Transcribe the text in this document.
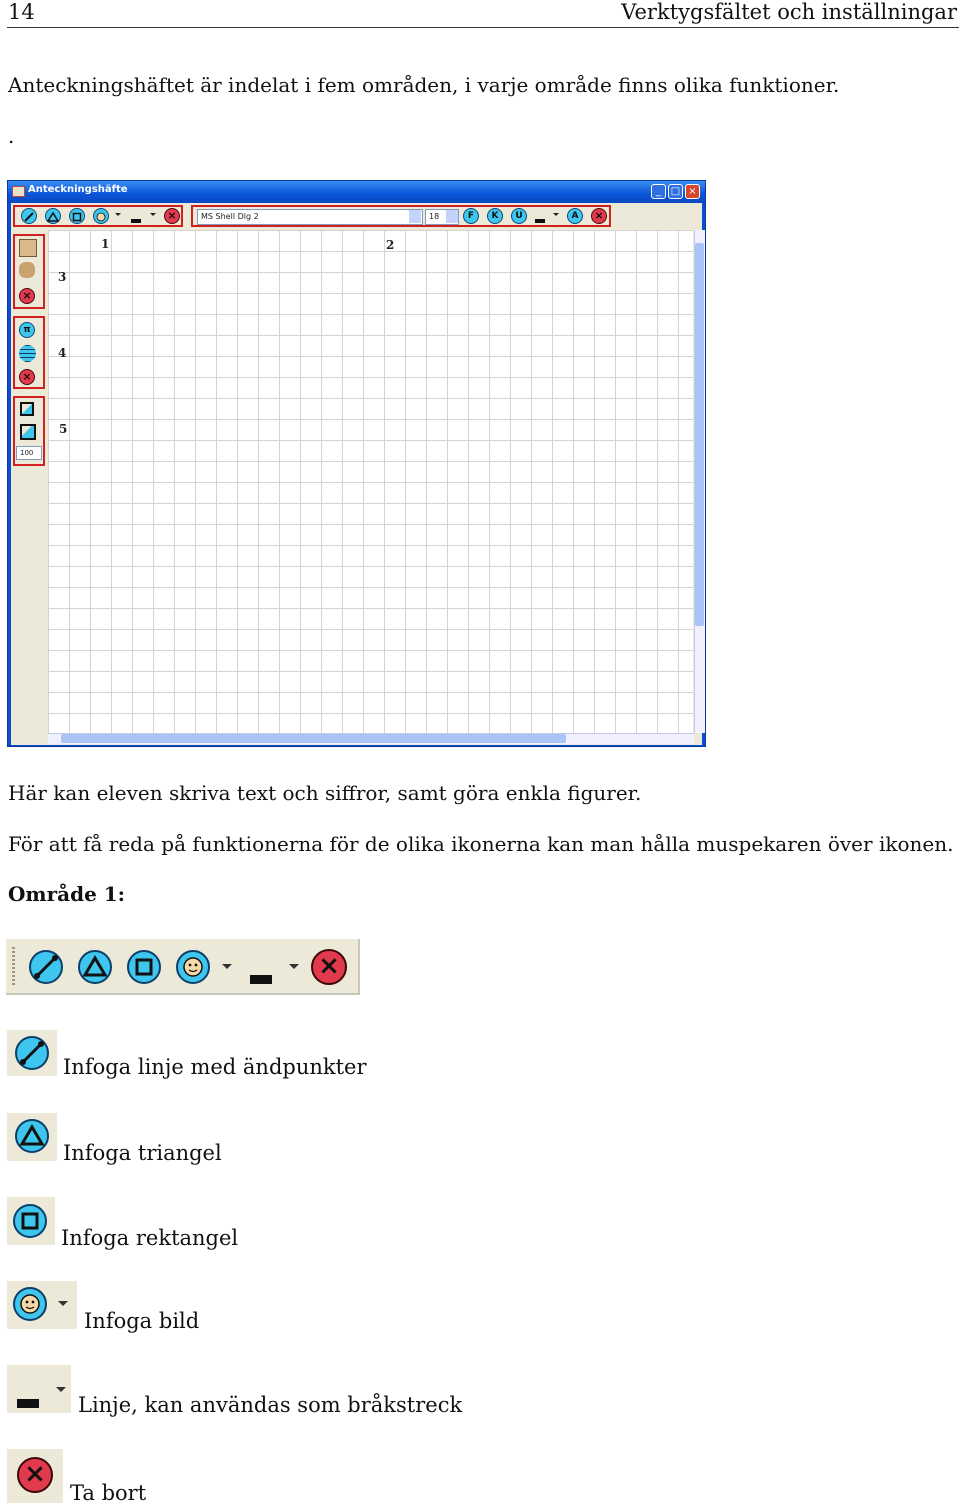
14	Verktygsfältet och inställningar
Anteckningshäftet är indelat i fem områden, i varje område finns olika funktioner.
.
Anteckningshäfte	_ □ ×
×	MS Shell Dlg 2	18	F	K	U	A	×
×
π
×
100
1	2
3
4
5
Här kan eleven skriva text och siffror, samt göra enkla figurer.
För att få reda på funktionerna för de olika ikonerna kan man hålla muspekaren över ikonen.
Område 1:
×
Infoga linje med ändpunkter
Infoga triangel
Infoga rektangel
Infoga bild
Linje, kan användas som bråkstreck
×
Ta bort
